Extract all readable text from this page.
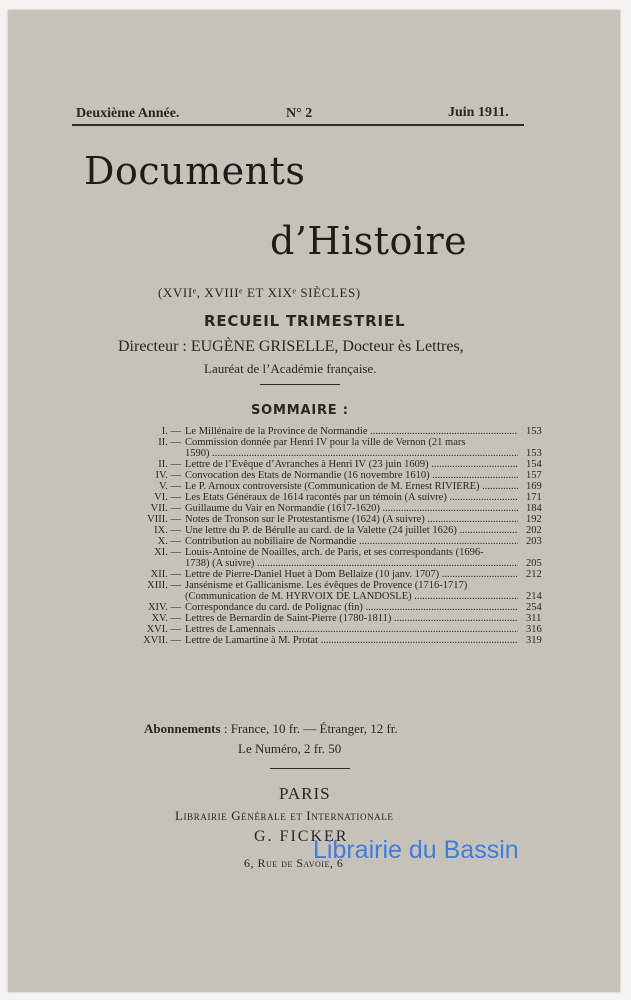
Deuxième Année.	N° 2	Juin 1911.
Documents
d’Histoire
(XVIIᵉ, XVIIIᵉ ET XIXᵉ SIÈCLES)
RECUEIL TRIMESTRIEL
Directeur : EUGÈNE GRISELLE, Docteur ès Lettres,
Lauréat de l’Académie française.
SOMMAIRE :
I. — Le Millénaire de la Province de Normandie .....	153
II. — Commission donnée par Henri IV pour la ville de Vernon (21 mars
1590) .....	153
II. — Lettre de l’Evêque d’Avranches à Henri IV (23 juin 1609) .....	154
IV. — Convocation des Etats de Normandie (16 novembre 1610) .....	157
V. — Le P. Arnoux controversiste (Communication de M. Ernest RIVIÈRE) .....	169
VI. — Les Etats Généraux de 1614 racontés par un témoin (A suivre) .....	171
VII. — Guillaume du Vair en Normandie (1617-1620) .....	184
VIII. — Notes de Tronson sur le Protestantisme (1624) (A suivre) .....	192
IX. — Une lettre du P. de Bérulle au card. de la Valette (24 juillet 1626) .....	202
X. — Contribution au nobiliaire de Normandie .....	203
XI. — Louis-Antoine de Noailles, arch. de Paris, et ses correspondants (1696-
1738) (A suivre) .....	205
XII. — Lettre de Pierre-Daniel Huet à Dom Bellaize (10 janv. 1707) .....	212
XIII. — Jansénisme et Gallicanisme. Les évêques de Provence (1716-1717)
(Communication de M. HYRVOIX DE LANDOSLE) .....	214
XIV. — Correspondance du card. de Polignac (fin) .....	254
XV. — Lettres de Bernardin de Saint-Pierre (1780-1811) .....	311
XVI. — Lettres de Lamennais .....	316
XVII. — Lettre de Lamartine à M. Protat .....	319
Abonnements : France, 10 fr. — Étranger, 12 fr.
Le Numéro, 2 fr. 50
PARIS
Librairie Générale et Internationale
G. FICKER
6, Rue de Savoie, 6
Librairie du Bassin
